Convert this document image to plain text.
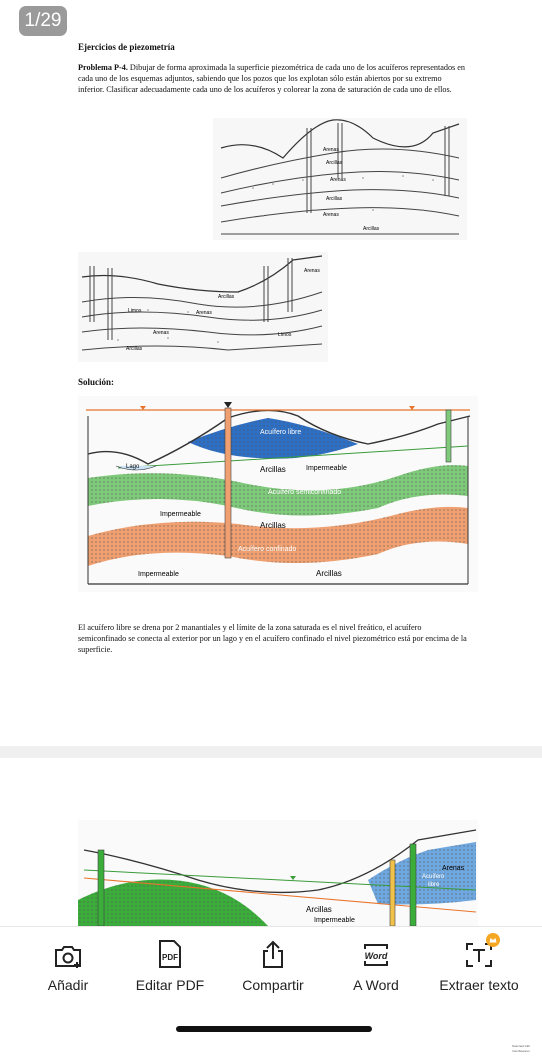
Ejercicios de piezometría
Problema P-4. Dibujar de forma aproximada la superficie piezométrica de cada uno de los acuíferos representados en cada uno de los esquemas adjuntos, sabiendo que los pozos que los explotan sólo están abiertos por su extremo inferior. Clasificar adecuadamente cada uno de los acuíferos y colorear la zona de saturación de cada uno de ellos.
Arenas
Arcillas
Arenas
Arcillas
Arenas
Arcillas
Arenas
Arcillas
Limos	Arenas
Arenas
Arcillas
Limos
Solución:
Acuífero libre
Lago	Arcillas	Impermeable
Acuífero semiconfinado
Impermeable
Arcillas
Acuífero confinado
Impermeable	Arcillas
El acuífero libre se drena por 2 manantiales y el límite de la zona saturada es el nivel freático, el acuífero semiconfinado se conecta al exterior por un lago y en el acuífero confinado el nivel piezométrico está por encima de la superficie.
Arcillas
Impermeable
Acuífero
libre
Arenas
1/29
Añadir
PDF
Editar PDF	Compartir
Word
A Word	Extraer texto
Scanned with CamScanner
